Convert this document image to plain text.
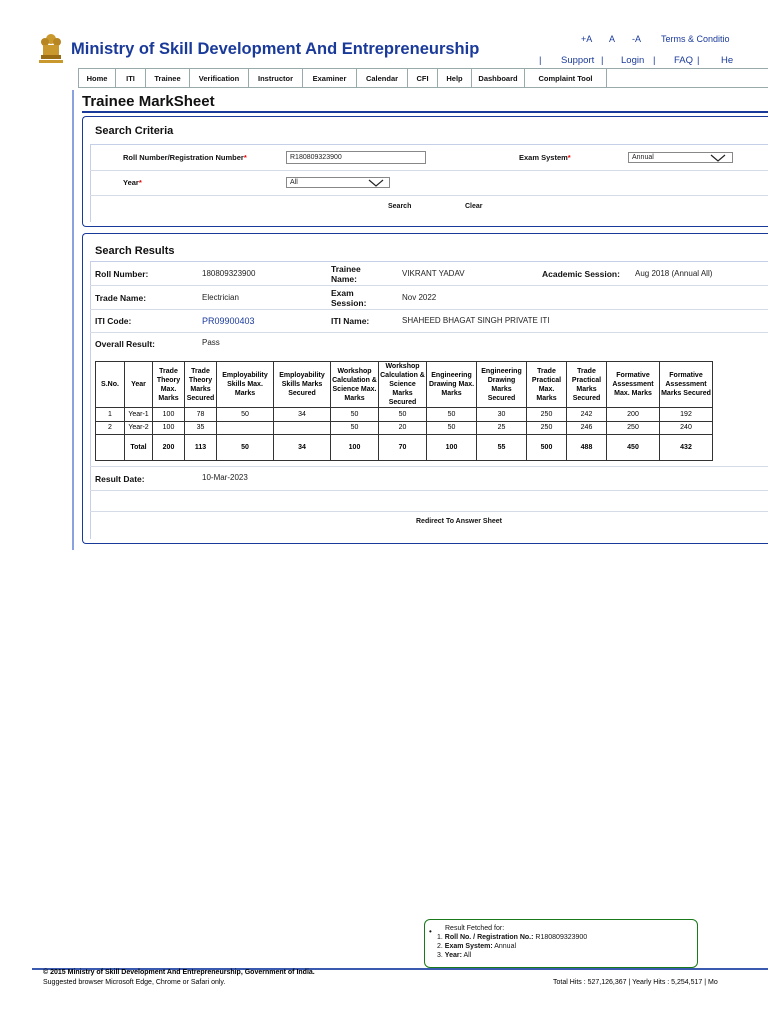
Ministry of Skill Development And Entrepreneurship
+A A -A Terms & Conditio
| Support | Login | FAQ | He
Home	ITI	Trainee	Verification	Instructor	Examiner	Calendar	CFI	Help	Dashboard	Complaint Tool
Trainee MarkSheet
Search Criteria
Roll Number/Registration Number*	R180809323900	Exam System*	Annual
Year*	All
Search	Clear
Search Results
Roll Number:	180809323900	Trainee Name:
VIKRANT YADAV	Academic Session: Aug 2018 (Annual All)
Trade Name:	Electrician	Exam Session:
Nov 2022
ITI Code:	PR09900403	ITI Name:	SHAHEED BHAGAT SINGH PRIVATE ITI
Overall Result:	Pass
S.No.	Year	Trade Theory Max. Marks	Trade Theory Marks Secured	Employability Skills Max. Marks	Employability Skills Marks Secured	Workshop Calculation & Science Max. Marks	Workshop Calculation & Science Marks Secured	Engineering Drawing Max. Marks	Engineering Drawing Marks Secured	Trade Practical Max. Marks	Trade Practical Marks Secured	Formative Assessment Max. Marks	Formative Assessment Marks Secured
1	Year-1	100	78	50	34	50	50	50	30	250	242	200	192
2	Year-2	100	35			50	20	50	25	250	246	250	240
	Total	200	113	50	34	100	70	100	55	500	488	450	432
Result Date:	10-Mar-2023
Redirect To Answer Sheet
• Result Fetched for:
1. Roll No. / Registration No.: R180809323900
2. Exam System: Annual
3. Year: All
© 2015 Ministry of Skill Development And Entrepreneurship, Government of India.
Suggested browser Microsoft Edge, Chrome or Safari only.	Total Hits : 527,126,367 | Yearly Hits : 5,254,517 | Mo
